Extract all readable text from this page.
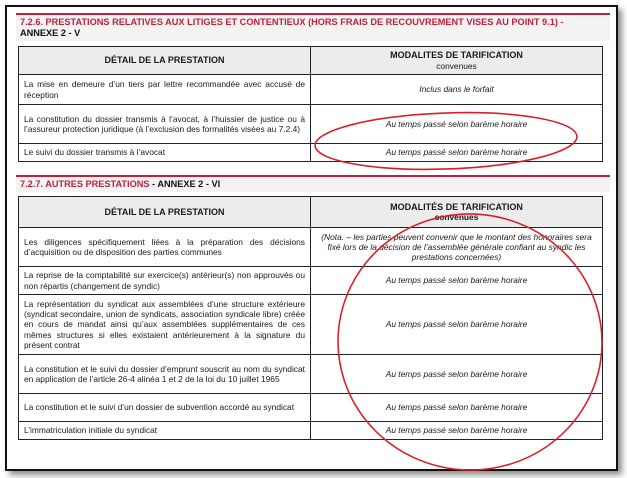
7.2.6. PRESTATIONS RELATIVES AUX LITIGES ET CONTENTIEUX (HORS FRAIS DE RECOUVREMENT VISES AU POINT 9.1) -
ANNEXE 2 - V
DÉTAIL DE LA PRESTATION	MODALITES DE TARIFICATION
convenues

La mise en demeure d’un tiers par lettre recommandée avec accusé de réception	Inclus dans le forfait
La constitution du dossier transmis à l’avocat, à l’huissier de justice ou à l’assureur protection juridique (à l’exclusion des formalités visées au 7.2.4)	Au temps passé selon barème horaire
Le suivi du dossier transmis à l’avocat	Au temps passé selon barème horaire
7.2.7. AUTRES PRESTATIONS - ANNEXE 2 - VI
DÉTAIL DE LA PRESTATION	MODALITÉS DE TARIFICATION
convenues

Les diligences spécifiquement liées à la préparation des décisions d’acquisition ou de disposition des parties communes	(Nota. – les parties peuvent convenir que le montant des honoraires sera fixé lors de la décision de l’assemblée générale confiant au syndic les prestations concernées)
La reprise de la comptabilité sur exercice(s) antérieur(s) non approuvés ou non répartis (changement de syndic)	Au temps passé selon barème horaire
La représentation du syndicat aux assemblées d’une structure extérieure (syndicat secondaire, union de syndicats, association syndicale libre) créée en cours de mandat ainsi qu’aux assemblées supplémentaires de ces mêmes structures si elles existaient antérieurement à la signature du présent contrat	Au temps passé selon barème horaire
La constitution et le suivi du dossier d’emprunt souscrit au nom du syndicat en application de l’article 26-4 alinéa 1 et 2 de la loi du 10 juillet 1965	Au temps passé selon barème horaire
La constitution et le suivi d’un dossier de subvention accordé au syndicat	Au temps passé selon barème horaire
L’immatriculation initiale du syndicat	Au temps passé selon barème horaire
